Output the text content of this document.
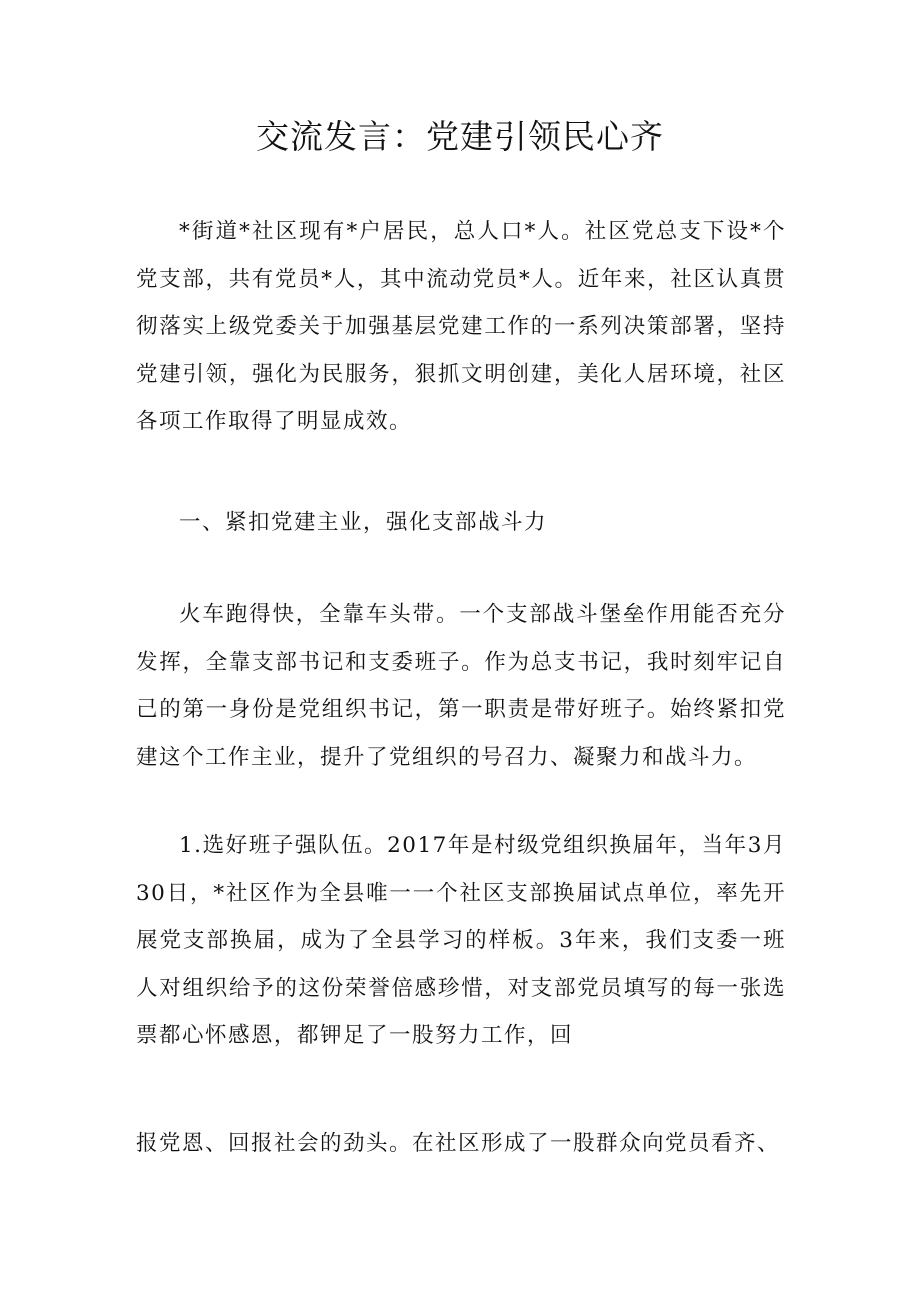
交流发言：党建引领民心齐

*街道*社区现有*户居民，总人口*人。社区党总支下设*个党支部，共有党员*人，其中流动党员*人。近年来，社区认真贯彻落实上级党委关于加强基层党建工作的一系列决策部署，坚持党建引领，强化为民服务，狠抓文明创建，美化人居环境，社区各项工作取得了明显成效。

一、紧扣党建主业，强化支部战斗力

火车跑得快，全靠车头带。一个支部战斗堡垒作用能否充分发挥，全靠支部书记和支委班子。作为总支书记，我时刻牢记自己的第一身份是党组织书记，第一职责是带好班子。始终紧扣党建这个工作主业，提升了党组织的号召力、凝聚力和战斗力。

1.选好班子强队伍。2017年是村级党组织换届年，当年3月30日，*社区作为全县唯一一个社区支部换届试点单位，率先开展党支部换届，成为了全县学习的样板。3年来，我们支委一班人对组织给予的这份荣誉倍感珍惜，对支部党员填写的每一张选票都心怀感恩，都钾足了一股努力工作，回

报党恩、回报社会的劲头。在社区形成了一股群众向党员看齐、
